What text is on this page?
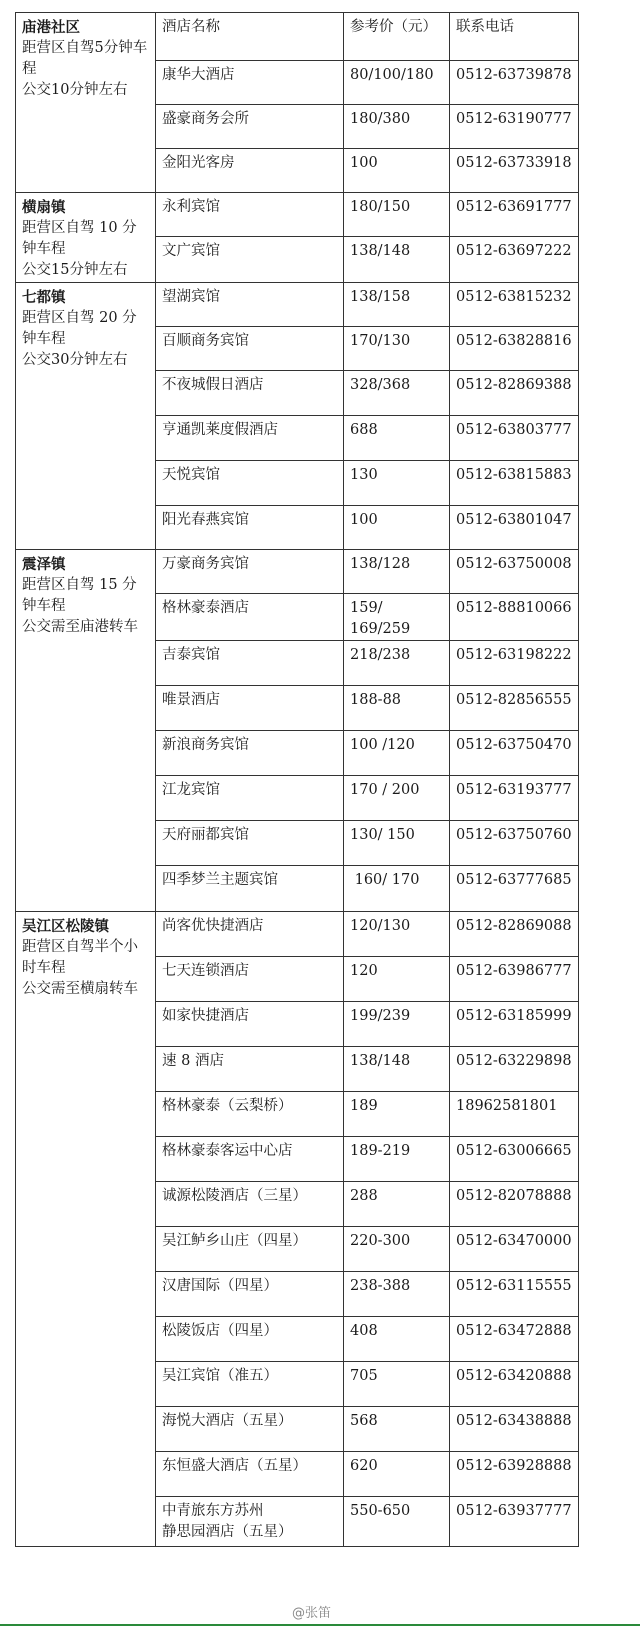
庙港社区
距营区自驾5分钟车程
公交10分钟左右	酒店名称	参考价（元）	联系电话
	康华大酒店	80/100/180	0512-63739878
	盛豪商务会所	180/380	0512-63190777
	金阳光客房	100	0512-63733918

横扇镇
距营区自驾 10 分钟车程
公交15分钟左右	永利宾馆	180/150	0512-63691777
	文广宾馆	138/148	0512-63697222

七都镇
距营区自驾 20 分钟车程
公交30分钟左右	望湖宾馆	138/158	0512-63815232
	百顺商务宾馆	170/130	0512-63828816
	不夜城假日酒店	328/368	0512-82869388
	亨通凯莱度假酒店	688	0512-63803777
	天悦宾馆	130	0512-63815883
	阳光春燕宾馆	100	0512-63801047

震泽镇
距营区自驾 15 分钟车程
公交需至庙港转车	万豪商务宾馆	138/128	0512-63750008
	格林豪泰酒店	159/
169/259	0512-88810066
	吉泰宾馆	218/238	0512-63198222
	唯景酒店	188-88	0512-82856555
	新浪商务宾馆	100 /120	0512-63750470
	江龙宾馆	170 / 200	0512-63193777
	天府丽都宾馆	130/ 150	0512-63750760
	四季梦兰主题宾馆	160/ 170	0512-63777685

吴江区松陵镇
距营区自驾半个小时车程
公交需至横扇转车	尚客优快捷酒店	120/130	0512-82869088
	七天连锁酒店	120	0512-63986777
	如家快捷酒店	199/239	0512-63185999
	速 8 酒店	138/148	0512-63229898
	格林豪泰（云梨桥）	189	18962581801
	格林豪泰客运中心店	189-219	0512-63006665
	诚源松陵酒店（三星）	288	0512-82078888
	吴江鲈乡山庄（四星）	220-300	0512-63470000
	汉唐国际（四星）	238-388	0512-63115555
	松陵饭店（四星）	408	0512-63472888
	吴江宾馆（准五）	705	0512-63420888
	海悦大酒店（五星）	568	0512-63438888
	东恒盛大酒店（五星）	620	0512-63928888
	中青旅东方苏州
静思园酒店（五星）	550-650	0512-63937777
@张笛
